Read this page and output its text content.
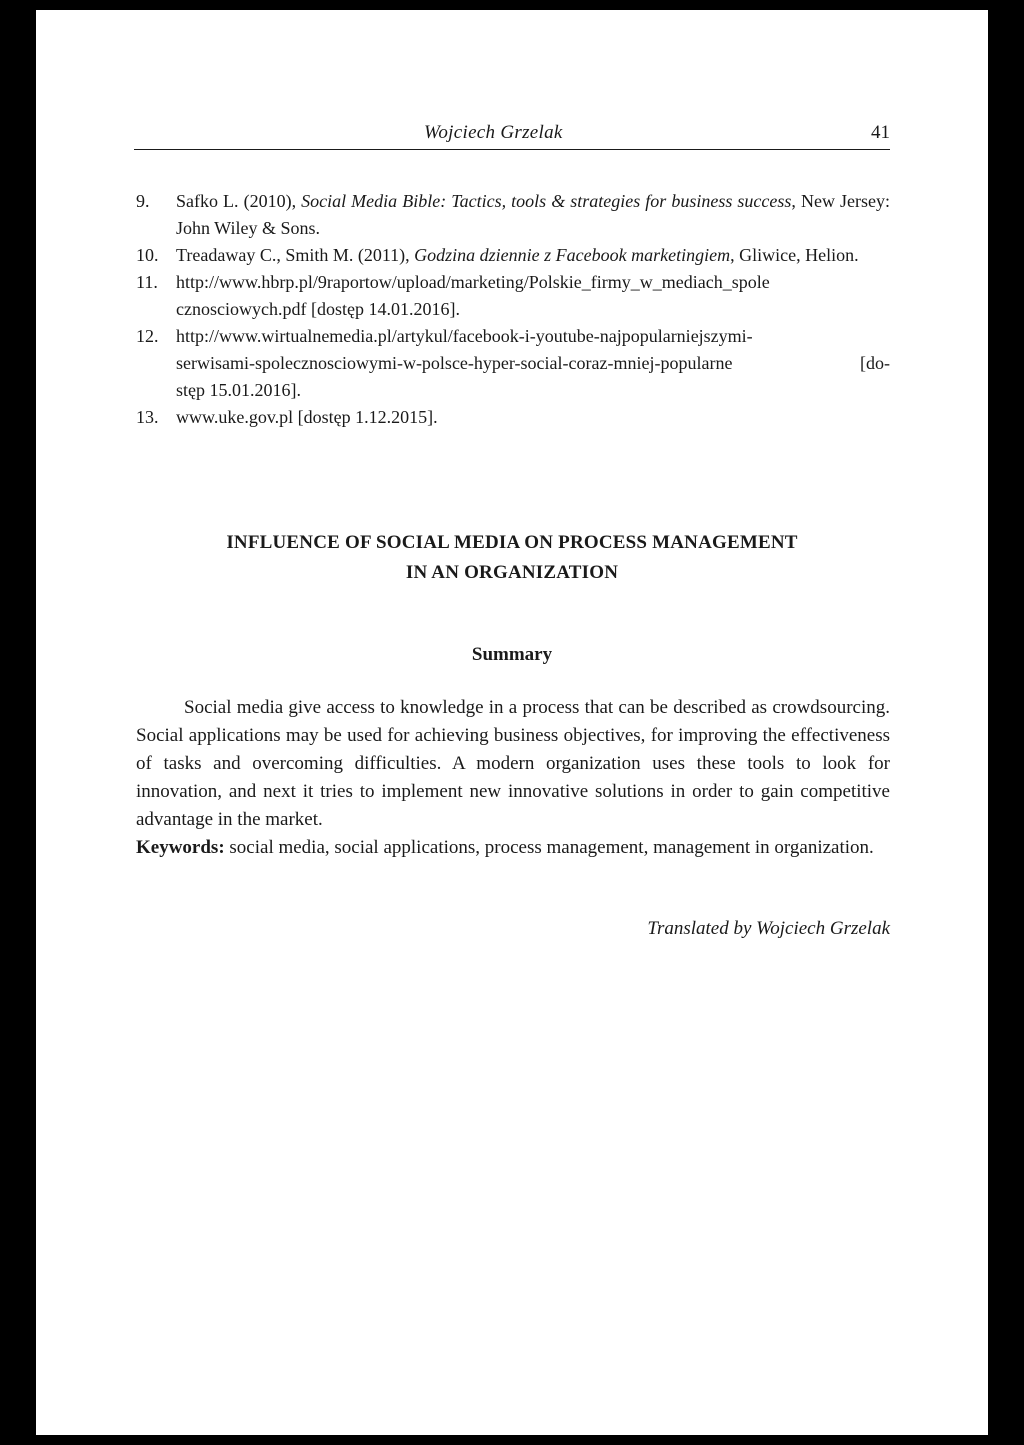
Wojciech Grzelak	41
9.	Safko L. (2010), Social Media Bible: Tactics, tools & strategies for business success, New Jersey: John Wiley & Sons.
10. Treadaway C., Smith M. (2011), Godzina dziennie z Facebook marketingiem, Gliwice, Helion.
11.	http://www.hbrp.pl/9raportow/upload/marketing/Polskie_firmy_w_mediach_spole
cznosciowych.pdf [dostęp 14.01.2016].
12. http://www.wirtualnemedia.pl/artykul/facebook-i-youtube-najpopularniejszymi-
serwisami-spolecznosciowymi-w-polsce-hyper-social-coraz-mniej-popularne [do-
stęp 15.01.2016].
13. www.uke.gov.pl [dostęp 1.12.2015].
INFLUENCE OF SOCIAL MEDIA ON PROCESS MANAGEMENT
IN AN ORGANIZATION
Summary

Social media give access to knowledge in a process that can be described as crowdsourcing. Social applications may be used for achieving business objectives, for improving the effectiveness of tasks and overcoming difficulties. A modern organization uses these tools to look for innovation, and next it tries to implement new innovative solutions in order to gain competitive advantage in the market.

Keywords: social media, social applications, process management, management in organization.

Translated by Wojciech Grzelak
